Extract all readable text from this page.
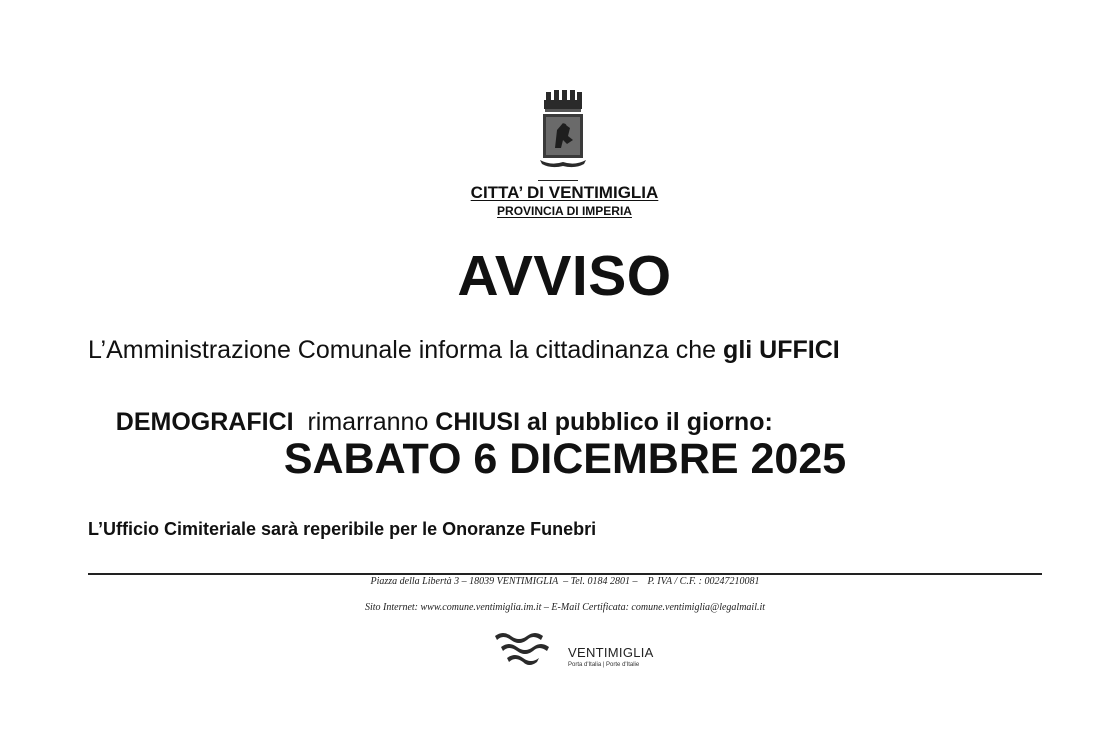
CITTA’ DI VENTIMIGLIA
PROVINCIA DI IMPERIA
AVVISO
L’Amministrazione Comunale informa la cittadinanza che gli UFFICI

DEMOGRAFICI  rimarranno CHIUSI al pubblico il giorno:

SABATO 6 DICEMBRE 2025
L’Ufficio Cimiteriale sarà reperibile per le Onoranze Funebri
Piazza della Libertà 3 – 18039 VENTIMIGLIA  – Tel. 0184 2801 –    P. IVA / C.F. : 00247210081
Sito Internet: www.comune.ventimiglia.im.it – E-Mail Certificata: comune.ventimiglia@legalmail.it
VENTIMIGLIA
Porta d'Italia | Porte d'Italie
